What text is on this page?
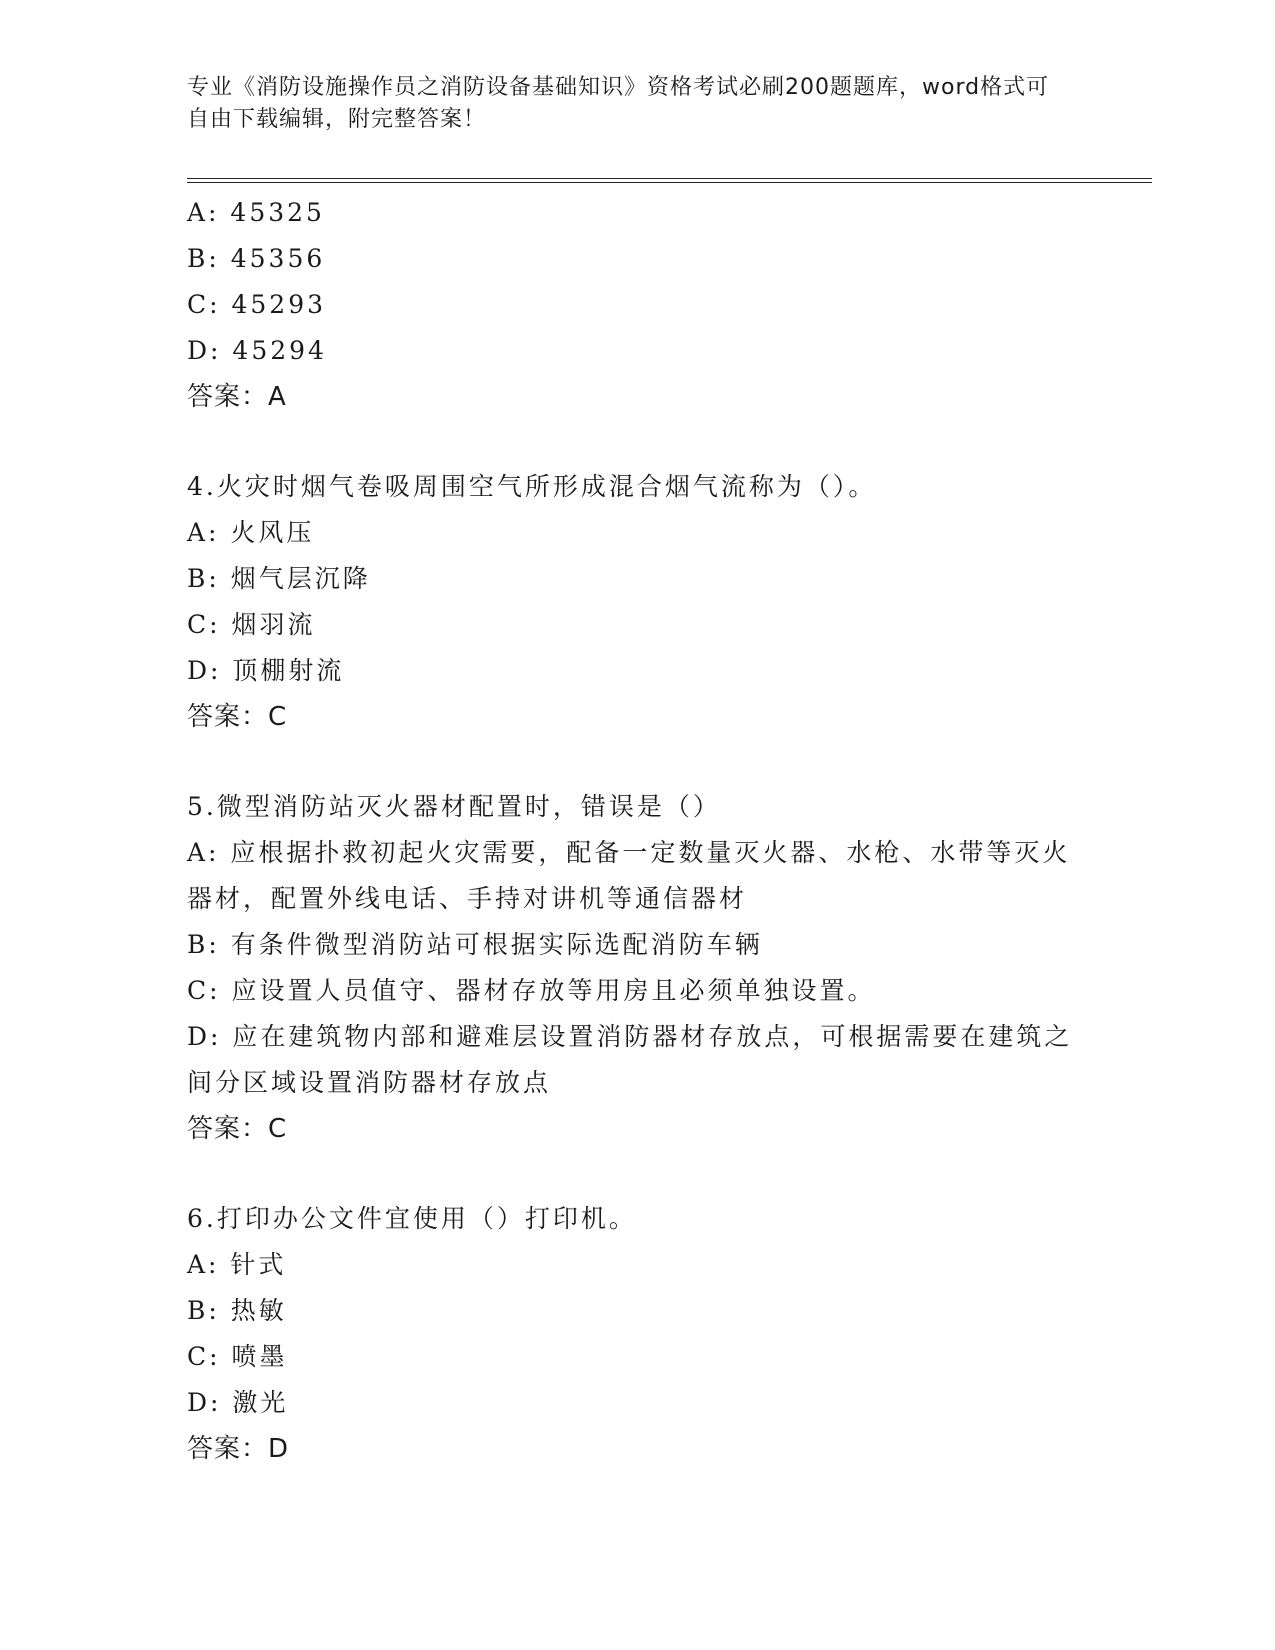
专业《消防设施操作员之消防设备基础知识》资格考试必刷200题题库，word格式可自由下载编辑，附完整答案！
A: 45325
B: 45356
C: 45293
D: 45294
答案：A
4.火灾时烟气卷吸周围空气所形成混合烟气流称为（）。
A: 火风压
B: 烟气层沉降
C: 烟羽流
D: 顶棚射流
答案：C
5.微型消防站灭火器材配置时，错误是（）
A: 应根据扑救初起火灾需要，配备一定数量灭火器、水枪、水带等灭火器材，配置外线电话、手持对讲机等通信器材
B: 有条件微型消防站可根据实际选配消防车辆
C: 应设置人员值守、器材存放等用房且必须单独设置。
D: 应在建筑物内部和避难层设置消防器材存放点，可根据需要在建筑之间分区域设置消防器材存放点
答案：C
6.打印办公文件宜使用（）打印机。
A: 针式
B: 热敏
C: 喷墨
D: 激光
答案：D
